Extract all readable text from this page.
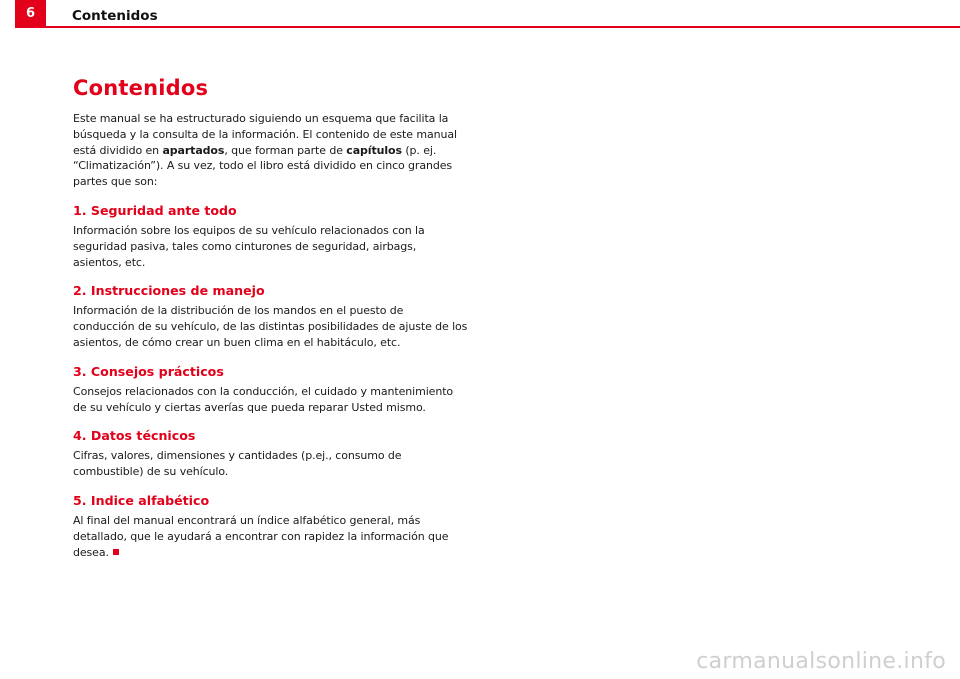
6	Contenidos
Contenidos

Este manual se ha estructurado siguiendo un esquema que facilita la búsqueda y la consulta de la información. El contenido de este manual está dividido en apartados, que forman parte de capítulos (p. ej. “Climatización”). A su vez, todo el libro está dividido en cinco grandes partes que son:

1. Seguridad ante todo

Información sobre los equipos de su vehículo relacionados con la seguridad pasiva, tales como cinturones de seguridad, airbags, asientos, etc.

2. Instrucciones de manejo

Información de la distribución de los mandos en el puesto de conducción de su vehículo, de las distintas posibilidades de ajuste de los asientos, de cómo crear un buen clima en el habitáculo, etc.

3. Consejos prácticos

Consejos relacionados con la conducción, el cuidado y mantenimiento de su vehículo y ciertas averías que pueda reparar Usted mismo.

4. Datos técnicos

Cifras, valores, dimensiones y cantidades (p.ej., consumo de combustible) de su vehículo.

5. Indice alfabético

Al final del manual encontrará un índice alfabético general, más detallado, que le ayudará a encontrar con rapidez la información que desea.

carmanualsonline.info
